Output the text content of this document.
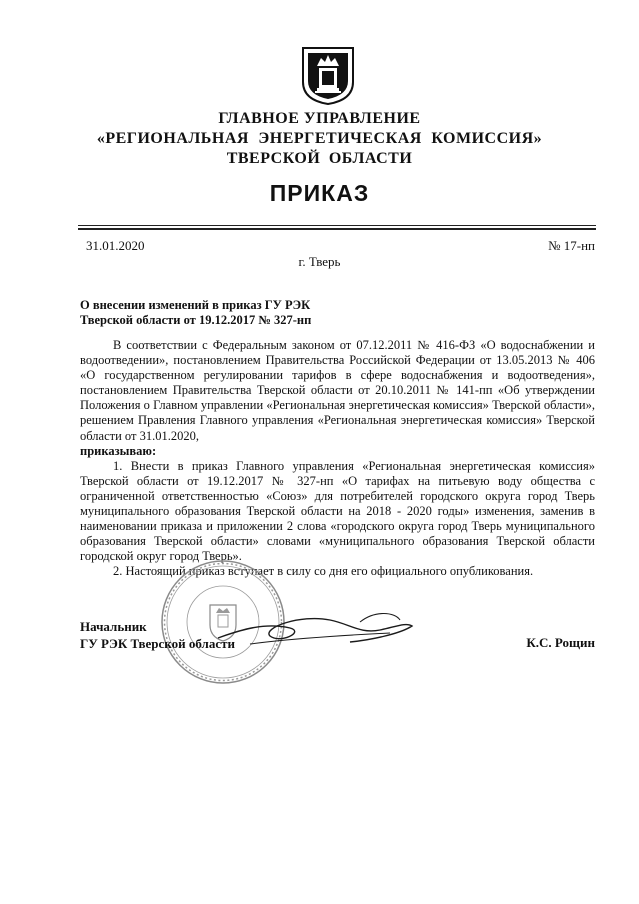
ГЛАВНОЕ УПРАВЛЕНИЕ
«РЕГИОНАЛЬНАЯ ЭНЕРГЕТИЧЕСКАЯ КОМИССИЯ»
ТВЕРСКОЙ ОБЛАСТИ
ПРИКАЗ
31.01.2020	№ 17-нп
г. Тверь
О внесении изменений в приказ ГУ РЭК
Тверской области от 19.12.2017 № 327-нп
В соответствии с Федеральным законом от 07.12.2011 № 416-ФЗ «О водоснабжении и водоотведении», постановлением Правительства Российской Федерации от 13.05.2013 № 406 «О государственном регулировании тарифов в сфере водоснабжения и водоотведения», постановлением Правительства Тверской области от 20.10.2011 № 141-пп «Об утверждении Положения о Главном управлении «Региональная энергетическая комиссия» Тверской области», решением Правления Главного управления «Региональная энергетическая комиссия» Тверской области от 31.01.2020,
приказываю:
1. Внести в приказ Главного управления «Региональная энергетическая комиссия» Тверской области от 19.12.2017 № 327-нп «О тарифах на питьевую воду общества с ограниченной ответственностью «Союз» для потребителей городского округа город Тверь муниципального образования Тверской области на 2018 - 2020 годы» изменения, заменив в наименовании приказа и приложении 2 слова «городского округа город Тверь муниципального образования Тверской области» словами «муниципального образования Тверской области городской округ город Тверь».
2. Настоящий приказ вступает в силу со дня его официального опубликования.
Начальник
ГУ РЭК Тверской области	К.С. Рощин
